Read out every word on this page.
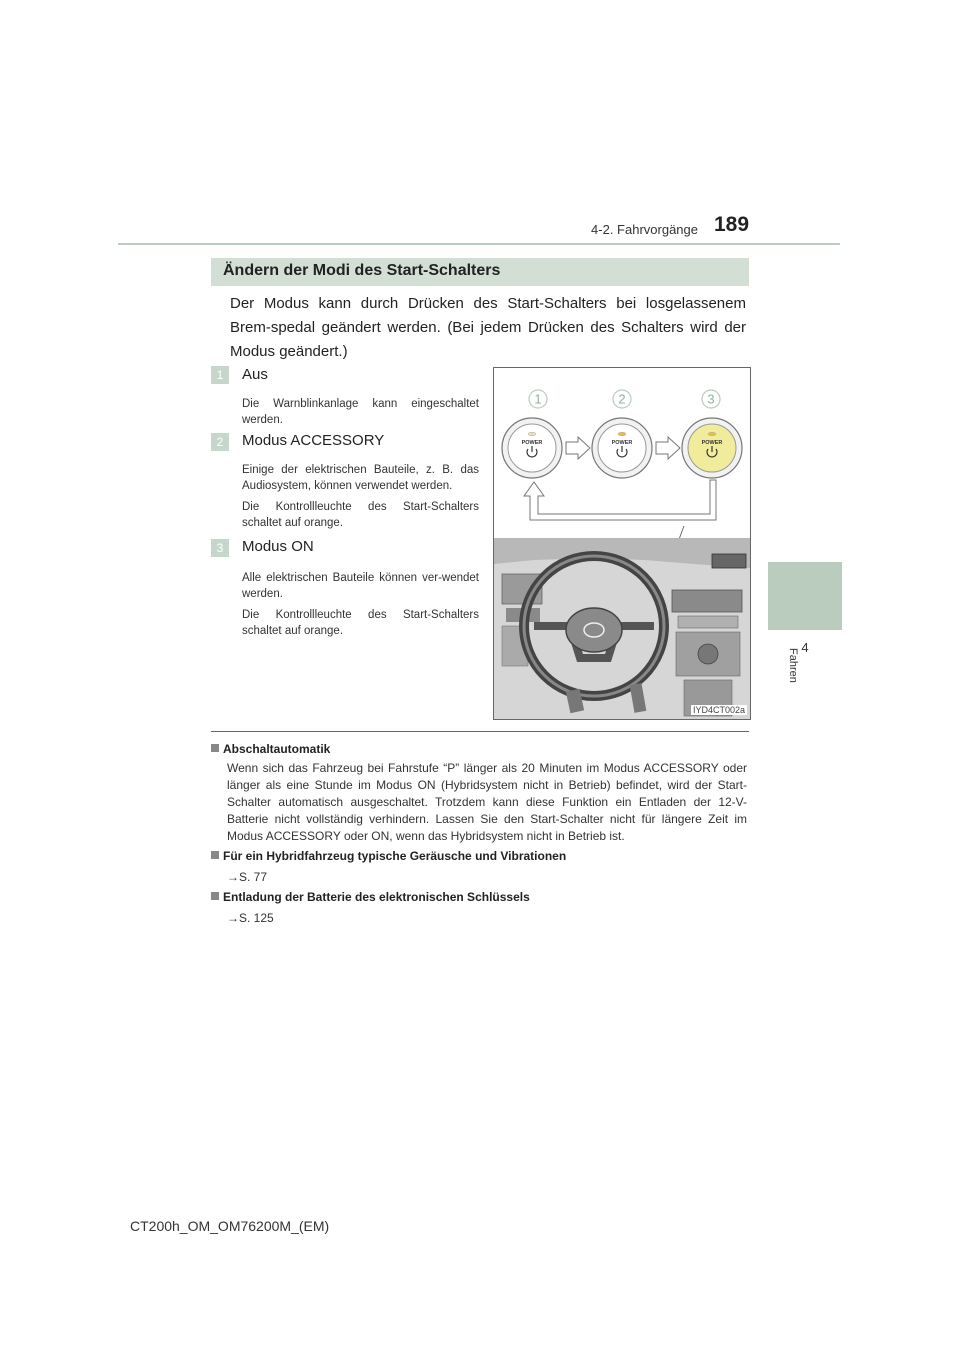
4-2. Fahrvorgänge 189
4
Fahren
Ändern der Modi des Start-Schalters
Der Modus kann durch Drücken des Start-Schalters bei losgelassenem Brem-spedal geändert werden. (Bei jedem Drücken des Schalters wird der Modus geändert.)
1	Aus

Die Warnblinkanlage kann eingeschaltet werden.

2	Modus ACCESSORY

Einige der elektrischen Bauteile, z. B. das Audiosystem, können verwendet werden.

Die Kontrollleuchte des Start-Schalters schaltet auf orange.

3	Modus ON

Alle elektrischen Bauteile können ver-wendet werden.

Die Kontrollleuchte des Start-Schalters schaltet auf orange.

1	2	3
POWER	POWER	POWER
IYD4CT002a
Abschaltautomatik
Wenn sich das Fahrzeug bei Fahrstufe “P” länger als 20 Minuten im Modus ACCESSORY oder länger als eine Stunde im Modus ON (Hybridsystem nicht in Betrieb) befindet, wird der Start-Schalter automatisch ausgeschaltet. Trotzdem kann diese Funktion ein Entladen der 12-V-Batterie nicht vollständig verhindern. Lassen Sie den Start-Schalter nicht für längere Zeit im Modus ACCESSORY oder ON, wenn das Hybridsystem nicht in Betrieb ist.
Für ein Hybridfahrzeug typische Geräusche und Vibrationen
→S. 77
Entladung der Batterie des elektronischen Schlüssels
→S. 125
CT200h_OM_OM76200M_(EM)
